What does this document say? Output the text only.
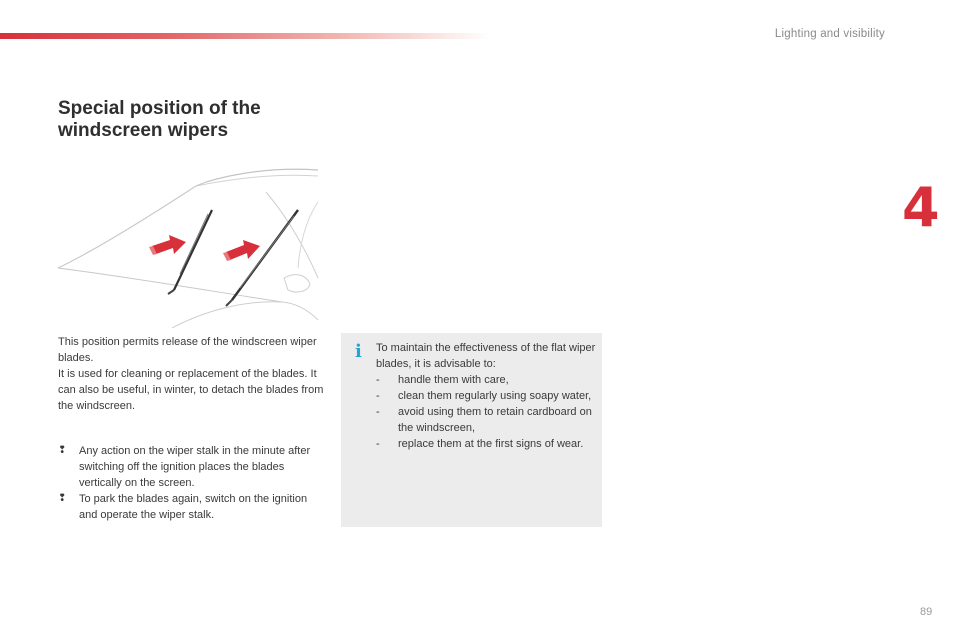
Lighting and visibility
4
Special position of the
windscreen wipers

This position permits release of the windscreen wiper blades.

It is used for cleaning or replacement of the blades. It can also be useful, in winter, to detach the blades from the windscreen.

❢	Any action on the wiper stalk in the minute after switching off the ignition places the blades vertically on the screen.
❢	To park the blades again, switch on the ignition and operate the wiper stalk.
i To maintain the effectiveness of the flat wiper blades, it is advisable to:

-	handle them with care,
-	clean them regularly using soapy water,
-	avoid using them to retain cardboard on the windscreen,
-	replace them at the first signs of wear.
89
